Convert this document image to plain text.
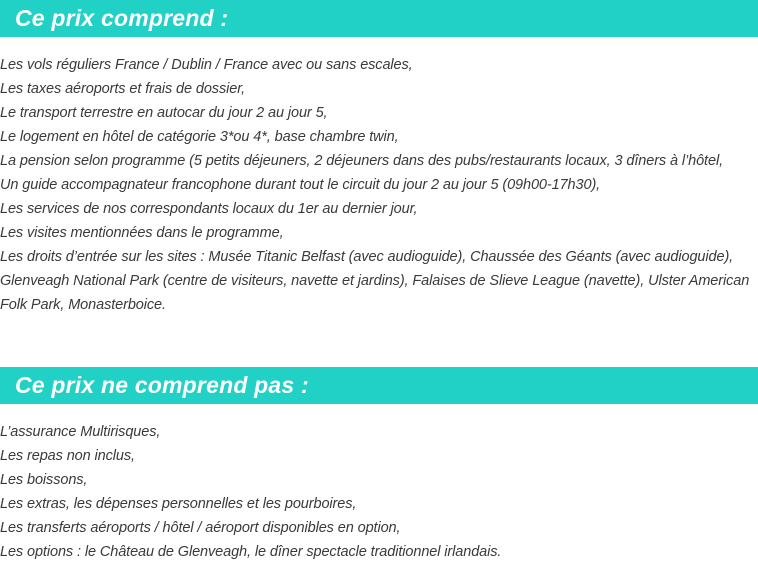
Ce prix comprend :
Les vols réguliers France / Dublin / France avec ou sans escales,
Les taxes aéroports et frais de dossier,
Le transport terrestre en autocar du jour 2 au jour 5,
Le logement en hôtel de catégorie 3*ou 4*, base chambre twin,
La pension selon programme (5 petits déjeuners, 2 déjeuners dans des pubs/restaurants locaux, 3 dîners à l’hôtel,
Un guide accompagnateur francophone durant tout le circuit du jour 2 au jour 5 (09h00-17h30),
Les services de nos correspondants locaux du 1er au dernier jour,
Les visites mentionnées dans le programme,
Les droits d’entrée sur les sites : Musée Titanic Belfast (avec audioguide), Chaussée des Géants (avec audioguide), Glenveagh National Park (centre de visiteurs, navette et jardins), Falaises de Slieve League (navette), Ulster American Folk Park, Monasterboice.
Ce prix ne comprend pas :
L’assurance Multirisques,
Les repas non inclus,
Les boissons,
Les extras, les dépenses personnelles et les pourboires,
Les transferts aéroports / hôtel / aéroport disponibles en option,
Les options : le Château de Glenveagh, le dîner spectacle traditionnel irlandais.
